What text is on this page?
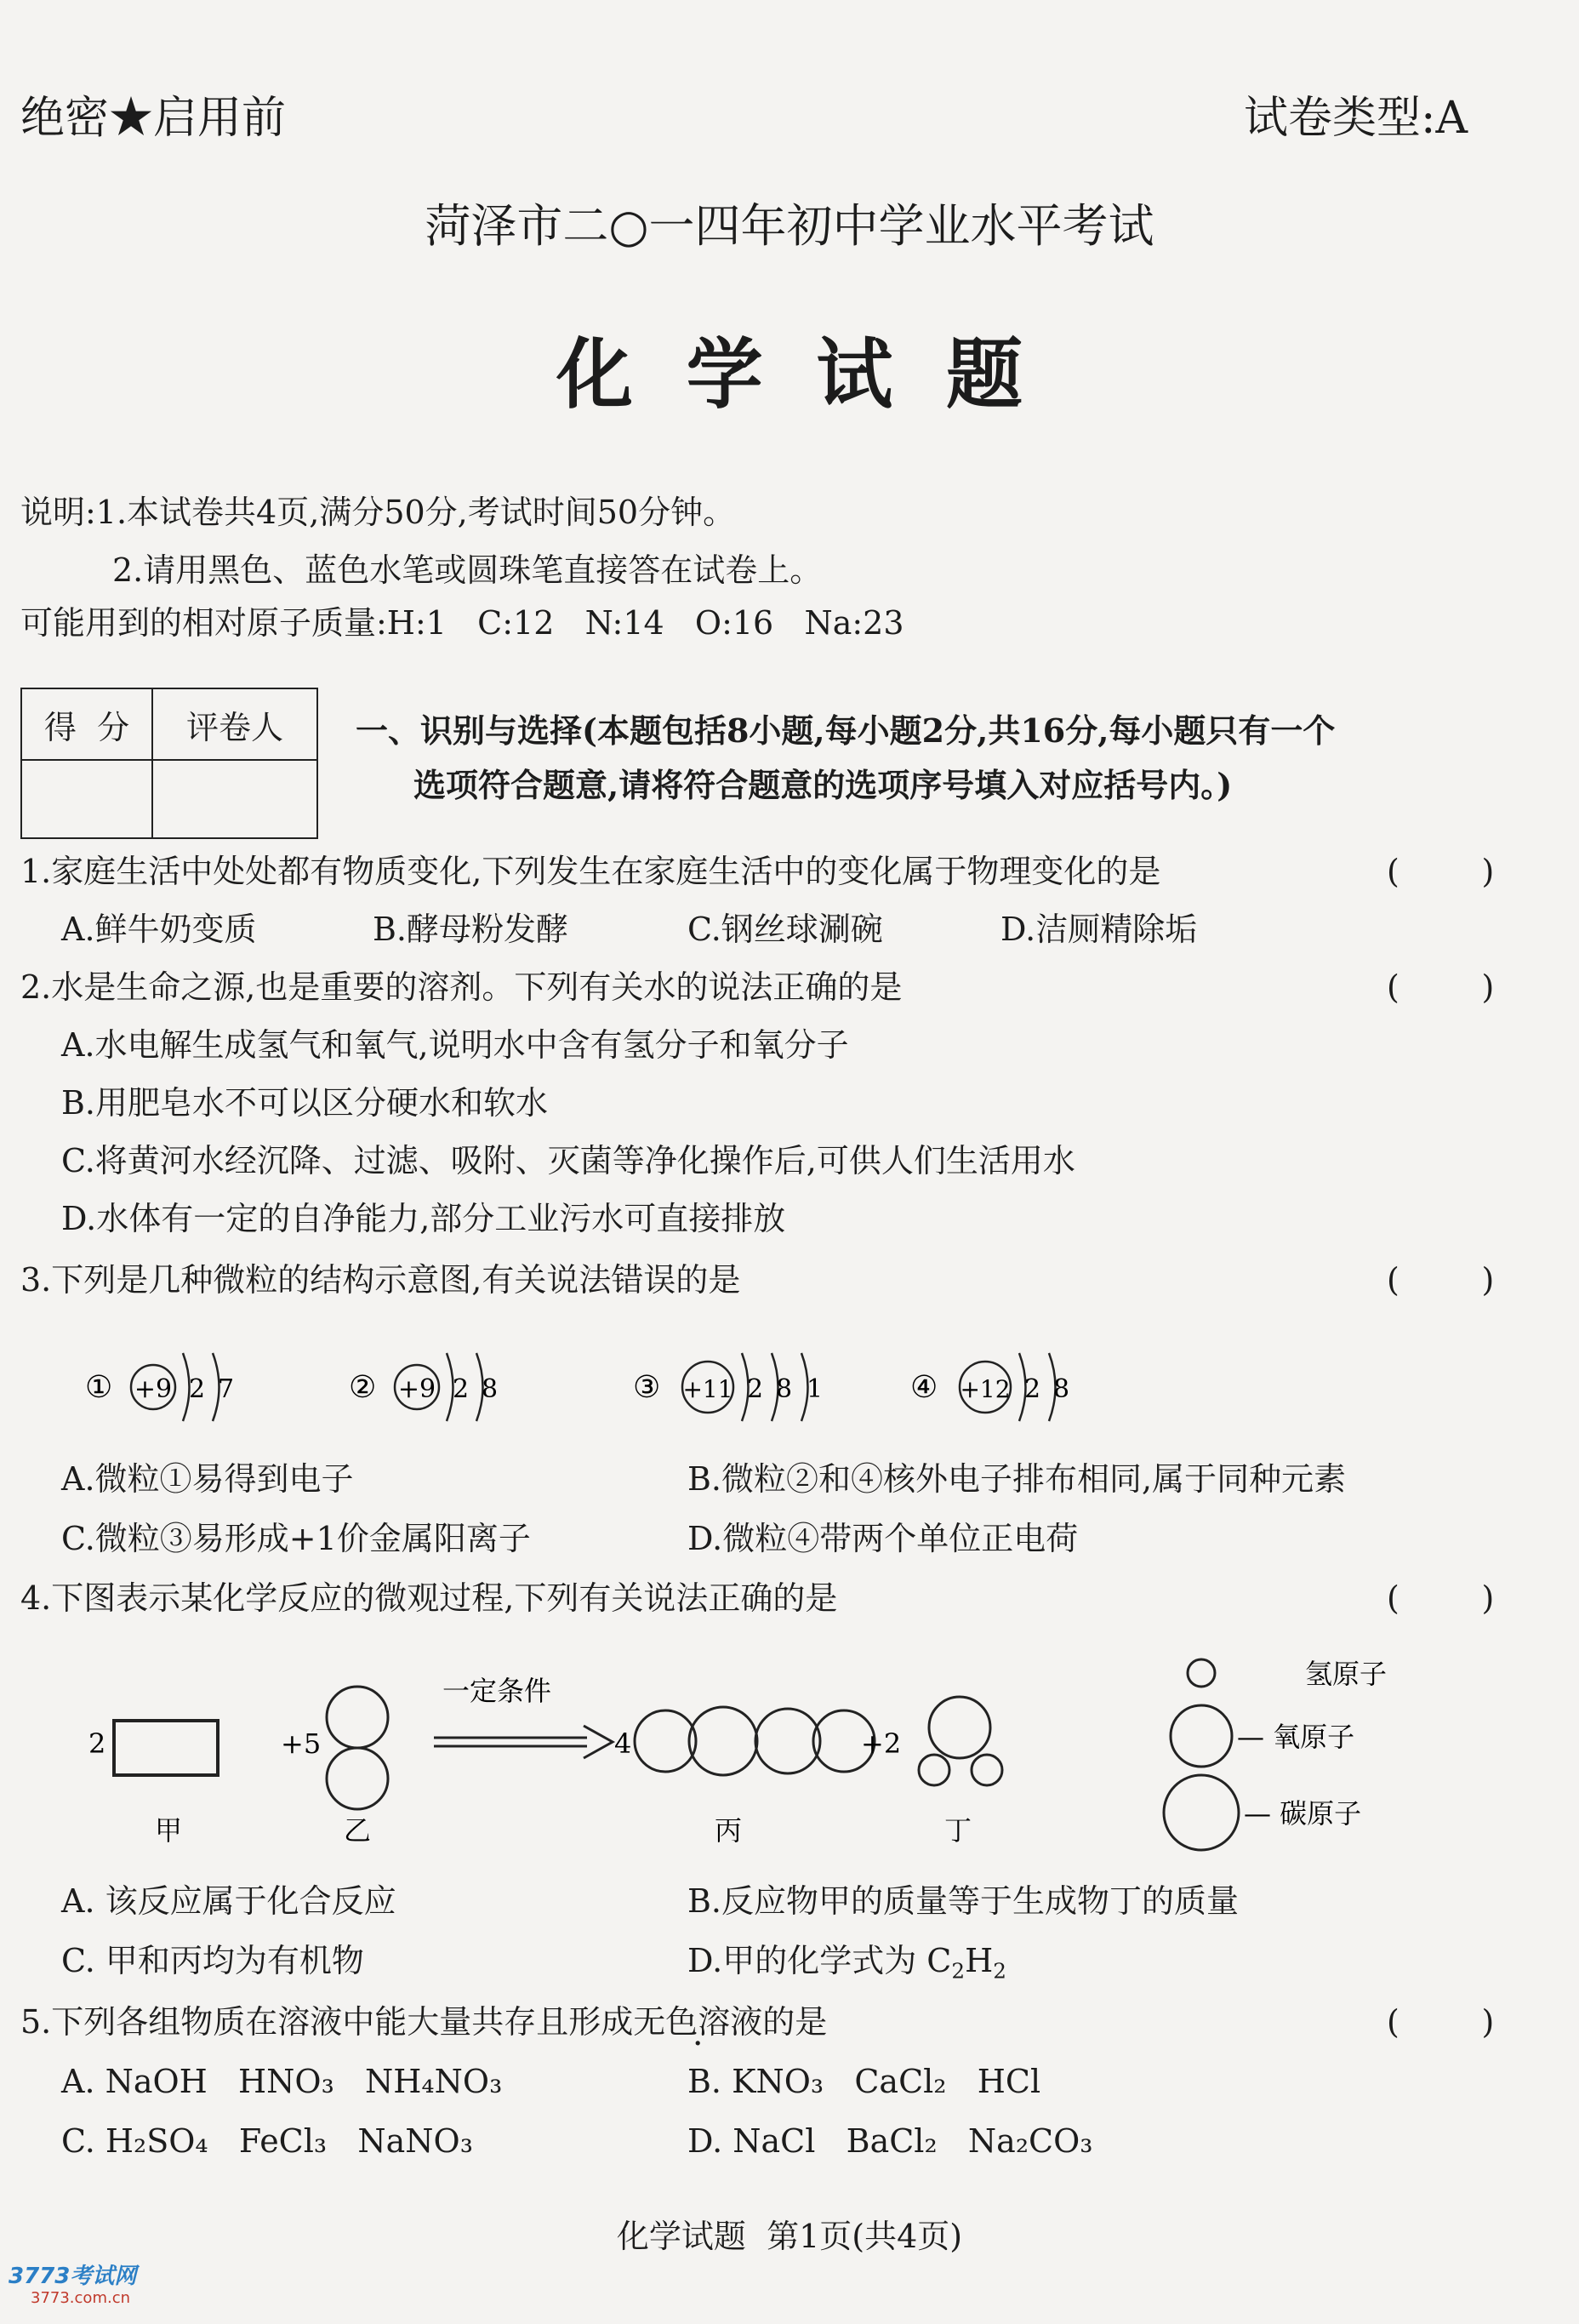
绝密★启用前	试卷类型:A
菏泽市二○一四年初中学业水平考试
化  学  试  题
说明:1.本试卷共4页,满分50分,考试时间50分钟。
2.请用黑色、蓝色水笔或圆珠笔直接答在试卷上。
可能用到的相对原子质量:H:1   C:12   N:14   O:16   Na:23
得  分	评卷人
	一、识别与选择(本题包括8小题,每小题2分,共16分,每小题只有一个
选项符合题意,请将符合题意的选项序号填入对应括号内。)
1.家庭生活中处处都有物质变化,下列发生在家庭生活中的变化属于物理变化的是	(        )
A.鲜牛奶变质	B.酵母粉发酵	C.钢丝球涮碗	D.洁厕精除垢
2.水是生命之源,也是重要的溶剂。下列有关水的说法正确的是	(        )
A.水电解生成氢气和氧气,说明水中含有氢分子和氧分子
B.用肥皂水不可以区分硬水和软水
C.将黄河水经沉降、过滤、吸附、灭菌等净化操作后,可供人们生活用水
D.水体有一定的自净能力,部分工业污水可直接排放
3.下列是几种微粒的结构示意图,有关说法错误的是	(        )
① +9 2 7	② +9 2 8	③ +11 2 8 1	④ +12 2 8
A.微粒①易得到电子	B.微粒②和④核外电子排布相同,属于同种元素
C.微粒③易形成+1价金属阳离子	D.微粒④带两个单位正电荷
4.下图表示某化学反应的微观过程,下列有关说法正确的是	(        )
2
甲
+5
乙
一定条件
4
丙
+2
丁
氢原子
— 氧原子
— 碳原子
A. 该反应属于化合反应	B.反应物甲的质量等于生成物丁的质量
C. 甲和丙均为有机物	D.甲的化学式为 $C_2H_2$
5.下列各组物质在溶液中能大量共存且形成无色溶液的是	(        )
A. NaOH   HNO₃   NH₄NO₃	B. KNO₃   CaCl₂   HCl
C. H₂SO₄   FeCl₃   NaNO₃	D. NaCl   BaCl₂   Na₂CO₃
化学试题  第1页(共4页)
3773考试网
3773.com.cn
